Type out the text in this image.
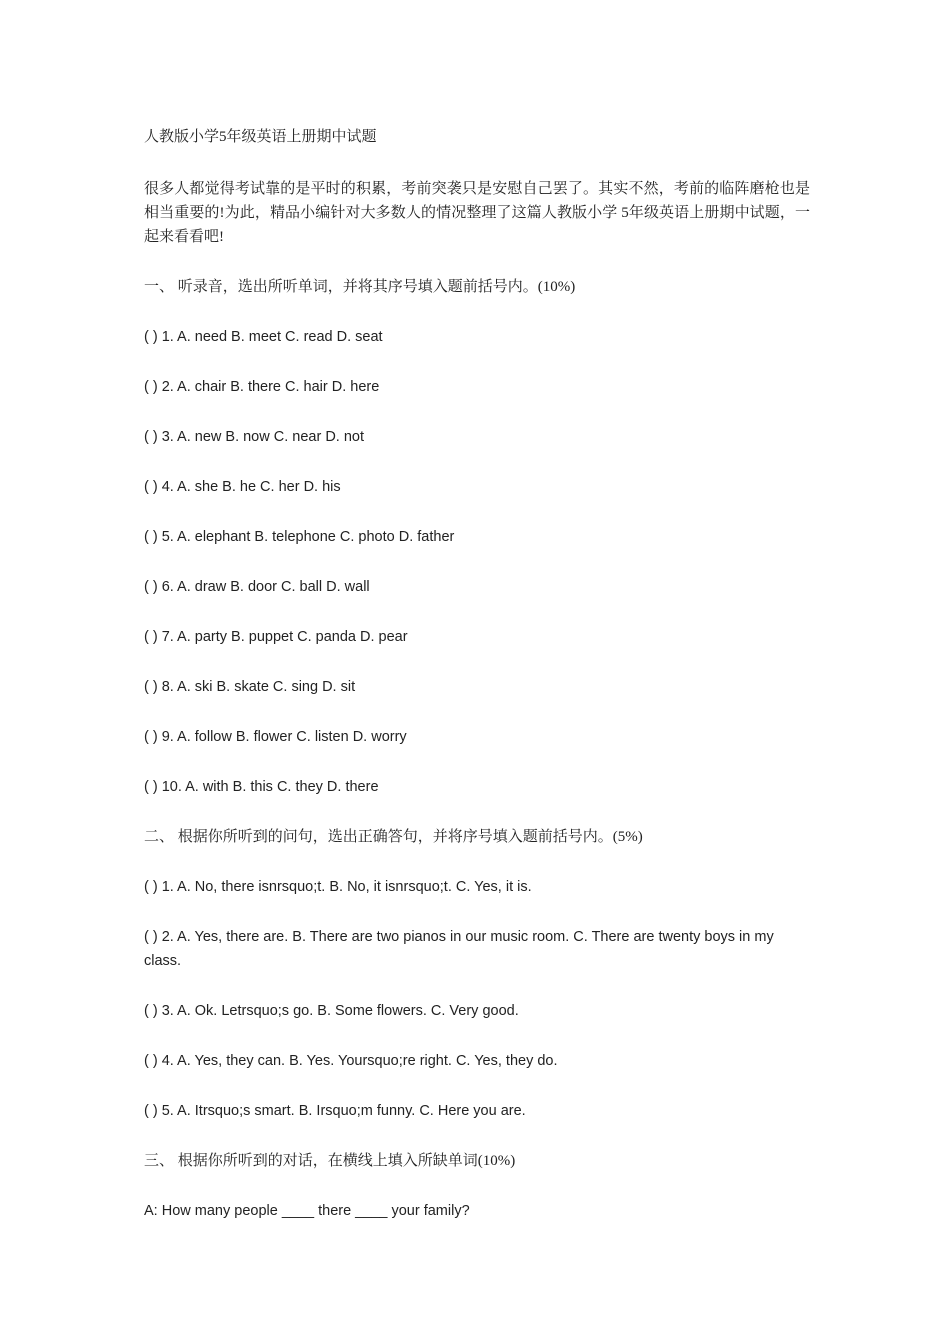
人教版小学5年级英语上册期中试题

很多人都觉得考试靠的是平时的积累，考前突袭只是安慰自己罢了。其实不然，考前的临阵磨枪也是相当重要的!为此，精品小编针对大多数人的情况整理了这篇人教版小学 5年级英语上册期中试题，一起来看看吧!

一、 听录音，选出所听单词，并将其序号填入题前括号内。(10%)

( ) 1. A. need B. meet C. read D. seat

( ) 2. A. chair B. there C. hair D. here

( ) 3. A. new B. now C. near D. not

( ) 4. A. she B. he C. her D. his

( ) 5. A. elephant B. telephone C. photo D. father

( ) 6. A. draw B. door C. ball D. wall

( ) 7. A. party B. puppet C. panda D. pear

( ) 8. A. ski B. skate C. sing D. sit

( ) 9. A. follow B. flower C. listen D. worry

( ) 10. A. with B. this C. they D. there

二、 根据你所听到的问句，选出正确答句，并将序号填入题前括号内。(5%)

( ) 1. A. No, there isnrsquo;t. B. No, it isnrsquo;t. C. Yes, it is.

( ) 2. A. Yes, there are. B. There are two pianos in our music room. C. There are twenty boys in my class.

( ) 3. A. Ok. Letrsquo;s go. B. Some flowers. C. Very good.

( ) 4. A. Yes, they can. B. Yes. Yoursquo;re right. C. Yes, they do.

( ) 5. A. Itrsquo;s smart. B. Irsquo;m funny. C. Here you are.

三、 根据你所听到的对话，在横线上填入所缺单词(10%)

A: How many people ____ there ____ your family?
